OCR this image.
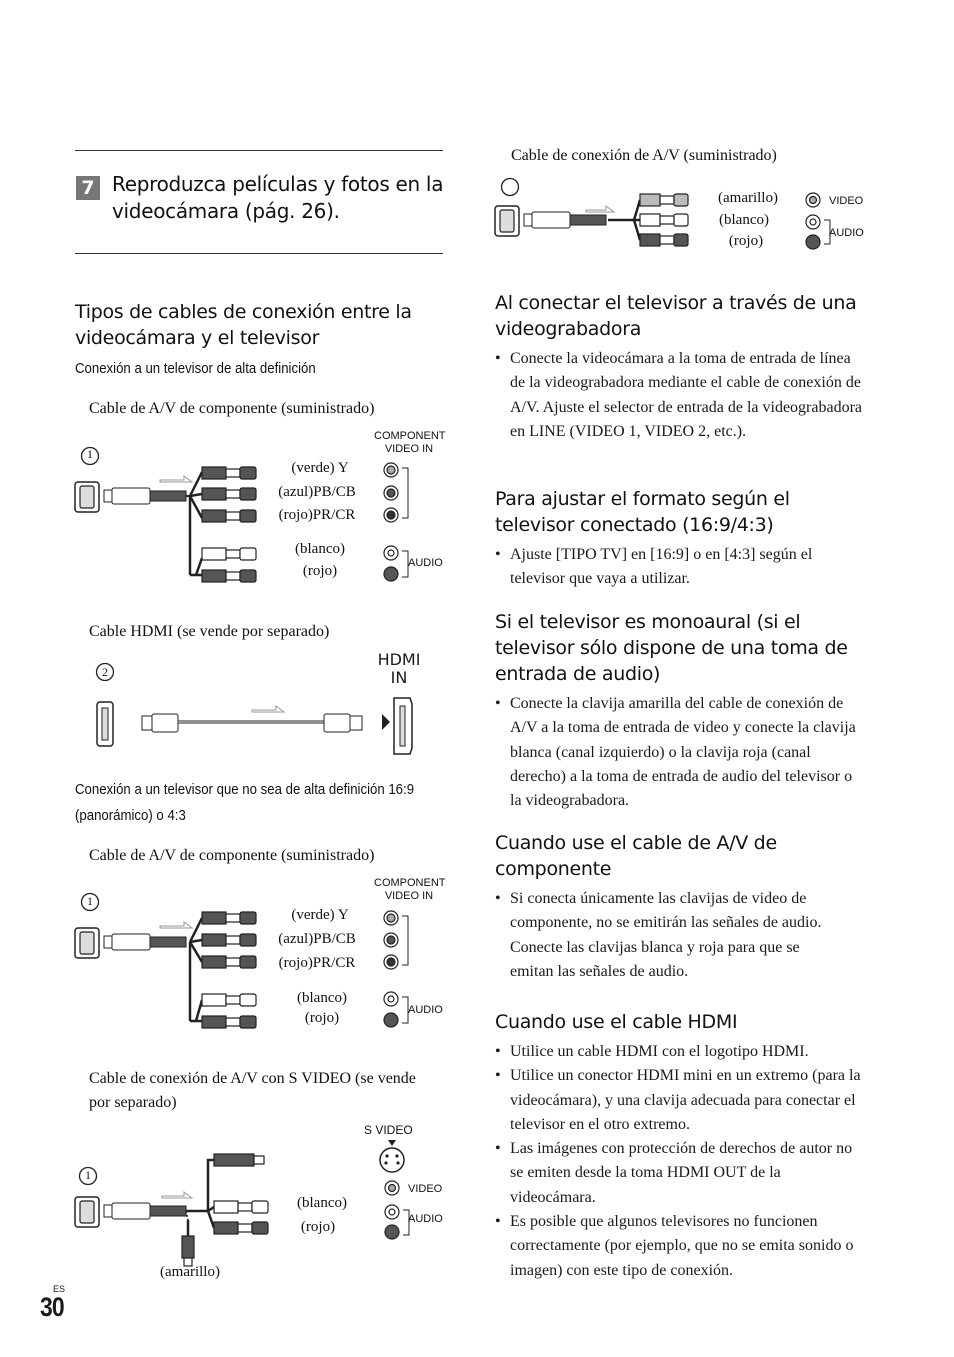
7 Reproduzca películas y fotos en la videocámara (pág. 26).
Tipos de cables de conexión entre la videocámara y el televisor
Conexión a un televisor de alta definición
Cable de A/V de componente (suministrado)
1
COMPONENT
VIDEO IN
(verde) Y
(azul)PB/CB
(rojo)PR/CR
(blanco)
(rojo)	AUDIO
Cable HDMI (se vende por separado)
2
HDMI
IN
Conexión a un televisor que no sea de alta definición 16:9
(panorámico) o 4:3
Cable de A/V de componente (suministrado)
1
COMPONENT
VIDEO IN
(verde) Y
(azul)PB/CB
(rojo)PR/CR
(blanco)
(rojo)	AUDIO
Cable de conexión de A/V con S VIDEO (se vende por separado)
S VIDEO
1
(blanco)
(rojo)
VIDEO
AUDIO
(amarillo)
ES
30
Cable de conexión de A/V (suministrado)
(amarillo)
(blanco)
(rojo)
VIDEO
AUDIO
Al conectar el televisor a través de una videograbadora
• Conecte la videocámara a la toma de entrada de línea de la videograbadora mediante el cable de conexión de A/V. Ajuste el selector de entrada de la videograbadora en LINE (VIDEO 1, VIDEO 2, etc.).
Para ajustar el formato según el televisor conectado (16:9/4:3)
• Ajuste [TIPO TV] en [16:9] o en [4:3] según el televisor que vaya a utilizar.
Si el televisor es monoaural (si el televisor sólo dispone de una toma de entrada de audio)
• Conecte la clavija amarilla del cable de conexión de A/V a la toma de entrada de video y conecte la clavija blanca (canal izquierdo) o la clavija roja (canal derecho) a la toma de entrada de audio del televisor o la videograbadora.
Cuando use el cable de A/V de componente
• Si conecta únicamente las clavijas de video de componente, no se emitirán las señales de audio. Conecte las clavijas blanca y roja para que se emitan las señales de audio.
Cuando use el cable HDMI
• Utilice un cable HDMI con el logotipo HDMI.
• Utilice un conector HDMI mini en un extremo (para la videocámara), y una clavija adecuada para conectar el televisor en el otro extremo.
• Las imágenes con protección de derechos de autor no se emiten desde la toma HDMI OUT de la videocámara.
• Es posible que algunos televisores no funcionen correctamente (por ejemplo, que no se emita sonido o imagen) con este tipo de conexión.
